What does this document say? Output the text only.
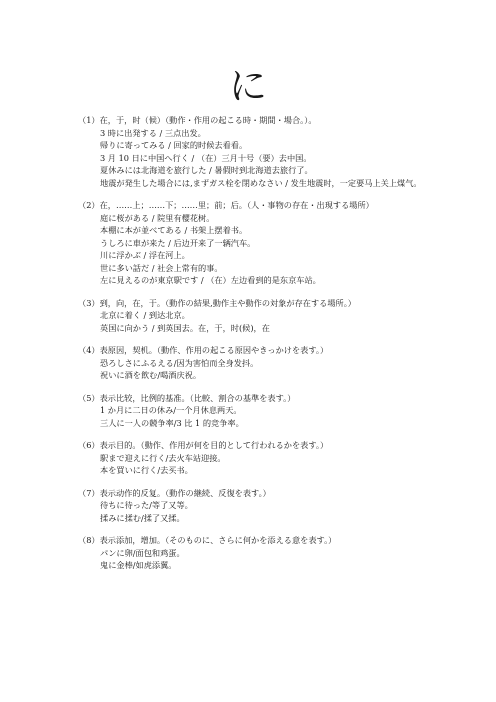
に
（1）在，于，时（候）（動作・作用の起こる時・期間・場合。）。
3 時に出発する / 三点出发。
帰りに寄ってみる / 回家的时候去看看。
3 月 10 日に中国へ行く / （在）三月十号（要）去中国。
夏休みには北海道を旅行した / 暑假时到北海道去旅行了。
地震が発生した場合には,まずガス栓を閉めなさい / 发生地震时，一定要马上关上煤气。
（2）在，……上；……下；……里；前；后。（人・事物の存在・出現する場所）
庭に桜がある / 院里有樱花树。
本棚に本が並べてある / 书架上摆着书。
うしろに車が来た / 后边开来了一辆汽车。
川に浮かぶ / 浮在河上。
世に多い話だ / 社会上常有的事。
左に見えるのが東京駅です / （在）左边看到的是东京车站。
（3）到，向，在，于。（動作の結果,動作主や動作の対象が存在する場所。）
北京に着く / 到达北京。
英国に向かう / 到英国去。在，于，时(候)，在
（4）表原因，契机。（動作、作用の起こる原因やきっかけを表す。）
恐ろしさにふるえる/因为害怕而全身发抖。
祝いに酒を飲む/喝酒庆祝。
（5）表示比较，比例的基准。（比較、割合の基準を表す。）
1 か月に二日の休み/一个月休息两天。
三人に一人の競争率/3 比 1 的竞争率。
（6）表示目的。（動作、作用が何を目的として行われるかを表す。）
駅まで迎えに行く/去火车站迎接。
本を買いに行く/去买书。
（7）表示动作的反复。（動作の継続、反復を表す。）
待ちに待った/等了又等。
揉みに揉む/揉了又揉。
（8）表示添加，增加。（そのものに、さらに何かを添える意を表す。）
パンに卵/面包和鸡蛋。
鬼に金棒/如虎添翼。
